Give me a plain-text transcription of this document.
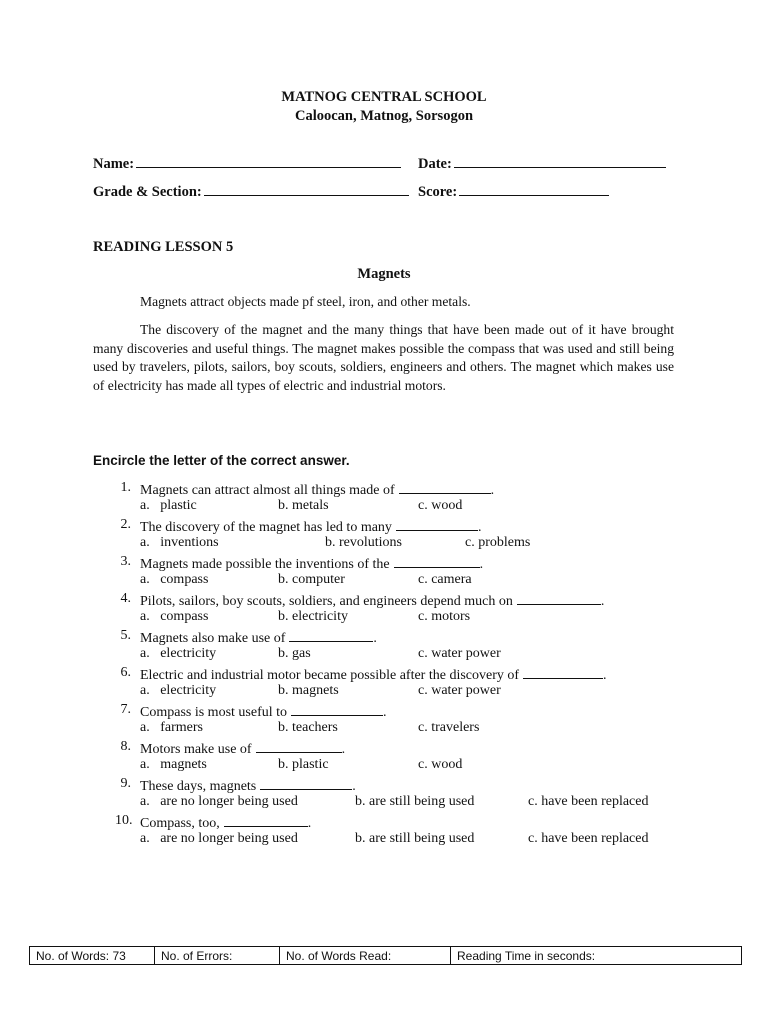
MATNOG CENTRAL SCHOOL
Caloocan, Matnog, Sorsogon
Name:	Date:
Grade & Section:	Score:
READING LESSON 5
Magnets

Magnets attract objects made pf steel, iron, and other metals.

The discovery of the magnet and the many things that have been made out of it have brought many discoveries and useful things. The magnet makes possible the compass that was used and still being used by travelers, pilots, sailors, boy scouts, soldiers, engineers and others. The magnet which makes use of electricity has made all types of electric and industrial motors.

Encircle the letter of the correct answer.
1. Magnets can attract almost all things made of	.
a.   plastic	b. metals	c. wood
2. The discovery of the magnet has led to many	.
a.   inventions	b. revolutions	c. problems
3. Magnets made possible the inventions of the	.
a.   compass	b. computer	c. camera
4. Pilots, sailors, boy scouts, soldiers, and engineers depend much on	.
a.   compass	b. electricity	c. motors
5. Magnets also make use of	.
a.   electricity	b. gas	c. water power
6. Electric and industrial motor became possible after the discovery of	.
a.   electricity	b. magnets	c. water power
7. Compass is most useful to	.
a.   farmers	b. teachers	c. travelers
8. Motors make use of	.
a.   magnets	b. plastic	c. wood
9. These days, magnets	.
a.   are no longer being used	b. are still being used	c. have been replaced
10. Compass, too,	.
a.   are no longer being used	b. are still being used	c. have been replaced
No. of Words: 73	No. of Errors:	No. of Words Read:	Reading Time in seconds:
